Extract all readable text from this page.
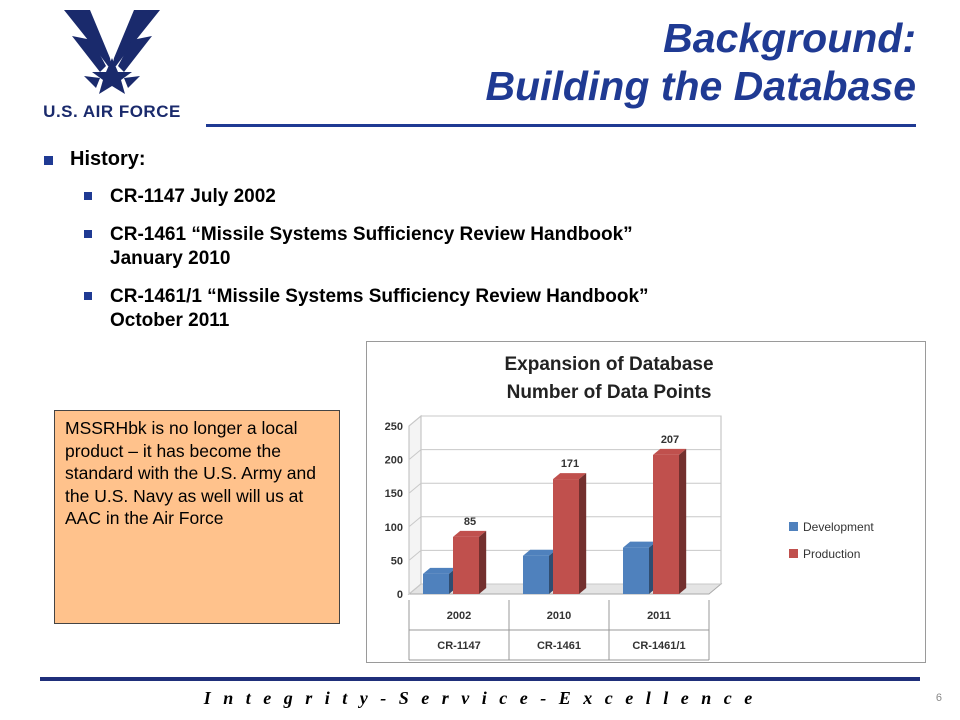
U.S. AIR FORCE
Background:
Building the Database
History:
CR-1147 July 2002
CR-1461 “Missile Systems Sufficiency Review Handbook”
January 2010
CR-1461/1 “Missile Systems Sufficiency Review Handbook”
October 2011
MSSRHbk is no longer a local product – it has become the standard with the U.S. Army and the U.S. Navy as well will us at AAC in the Air Force
Expansion of Database
Number of Data Points
0
50
100
150
200
250
85
171
207
2002
CR-1147
2010
CR-1461
2011
CR-1461/1
Development
Production
I n t e g r i t y - S e r v i c e - E x c e l l e n c e	6
